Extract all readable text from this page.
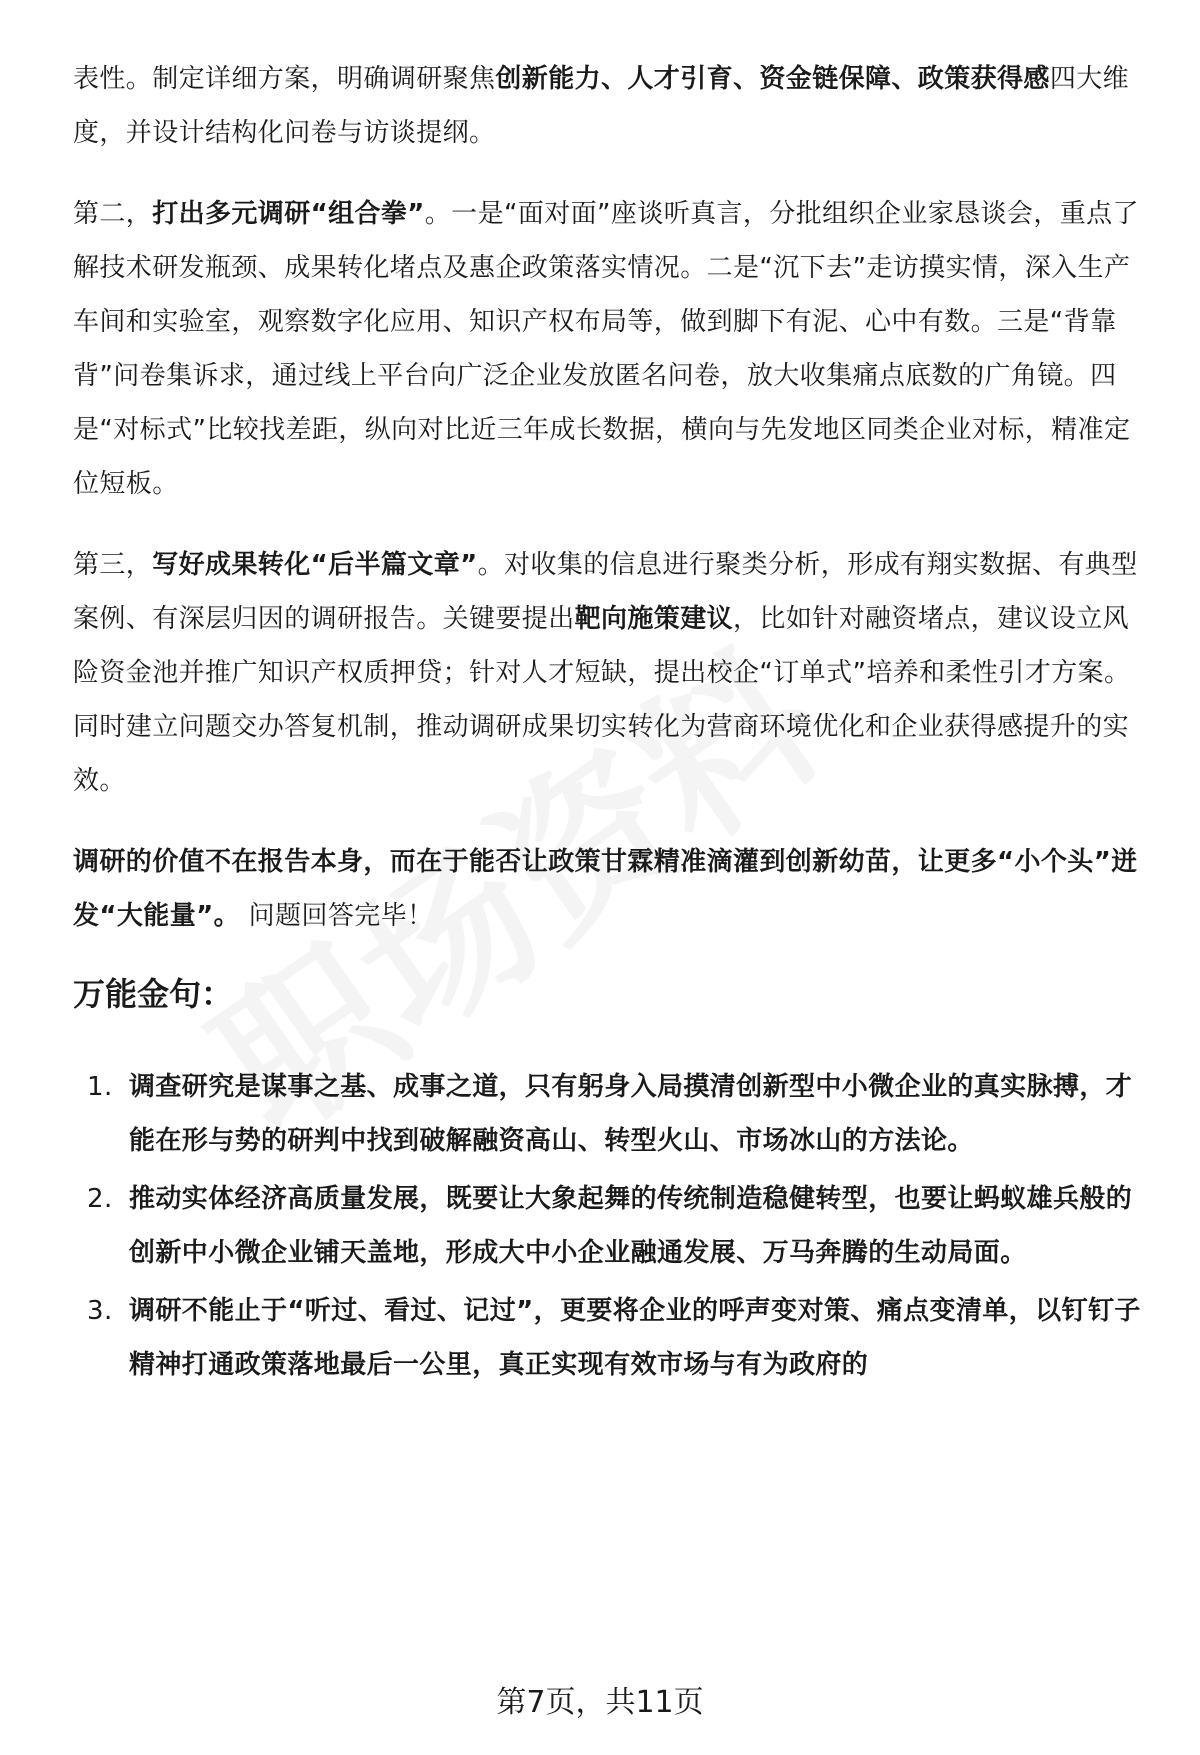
表性。制定详细方案，明确调研聚焦创新能力、人才引育、资金链保障、政策获得感四大维度，并设计结构化问卷与访谈提纲。

第二，打出多元调研“组合拳”。一是“面对面”座谈听真言，分批组织企业家恳谈会，重点了解技术研发瓶颈、成果转化堵点及惠企政策落实情况。二是“沉下去”走访摸实情，深入生产车间和实验室，观察数字化应用、知识产权布局等，做到脚下有泥、心中有数。三是“背靠背”问卷集诉求，通过线上平台向广泛企业发放匿名问卷，放大收集痛点底数的广角镜。四是“对标式”比较找差距，纵向对比近三年成长数据，横向与先发地区同类企业对标，精准定位短板。

第三，写好成果转化“后半篇文章”。对收集的信息进行聚类分析，形成有翔实数据、有典型案例、有深层归因的调研报告。关键要提出靶向施策建议，比如针对融资堵点，建议设立风险资金池并推广知识产权质押贷；针对人才短缺，提出校企“订单式”培养和柔性引才方案。同时建立问题交办答复机制，推动调研成果切实转化为营商环境优化和企业获得感提升的实效。

调研的价值不在报告本身，而在于能否让政策甘霖精准滴灌到创新幼苗，让更多“小个头”迸发“大能量”。 问题回答完毕！

万能金句：
1. 调查研究是谋事之基、成事之道，只有躬身入局摸清创新型中小微企业的真实脉搏，才能在形与势的研判中找到破解融资高山、转型火山、市场冰山的方法论。
2. 推动实体经济高质量发展，既要让大象起舞的传统制造稳健转型，也要让蚂蚁雄兵般的创新中小微企业铺天盖地，形成大中小企业融通发展、万马奔腾的生动局面。
3. 调研不能止于“听过、看过、记过”，更要将企业的呼声变对策、痛点变清单，以钉钉子精神打通政策落地最后一公里，真正实现有效市场与有为政府的
第7页，共11页
